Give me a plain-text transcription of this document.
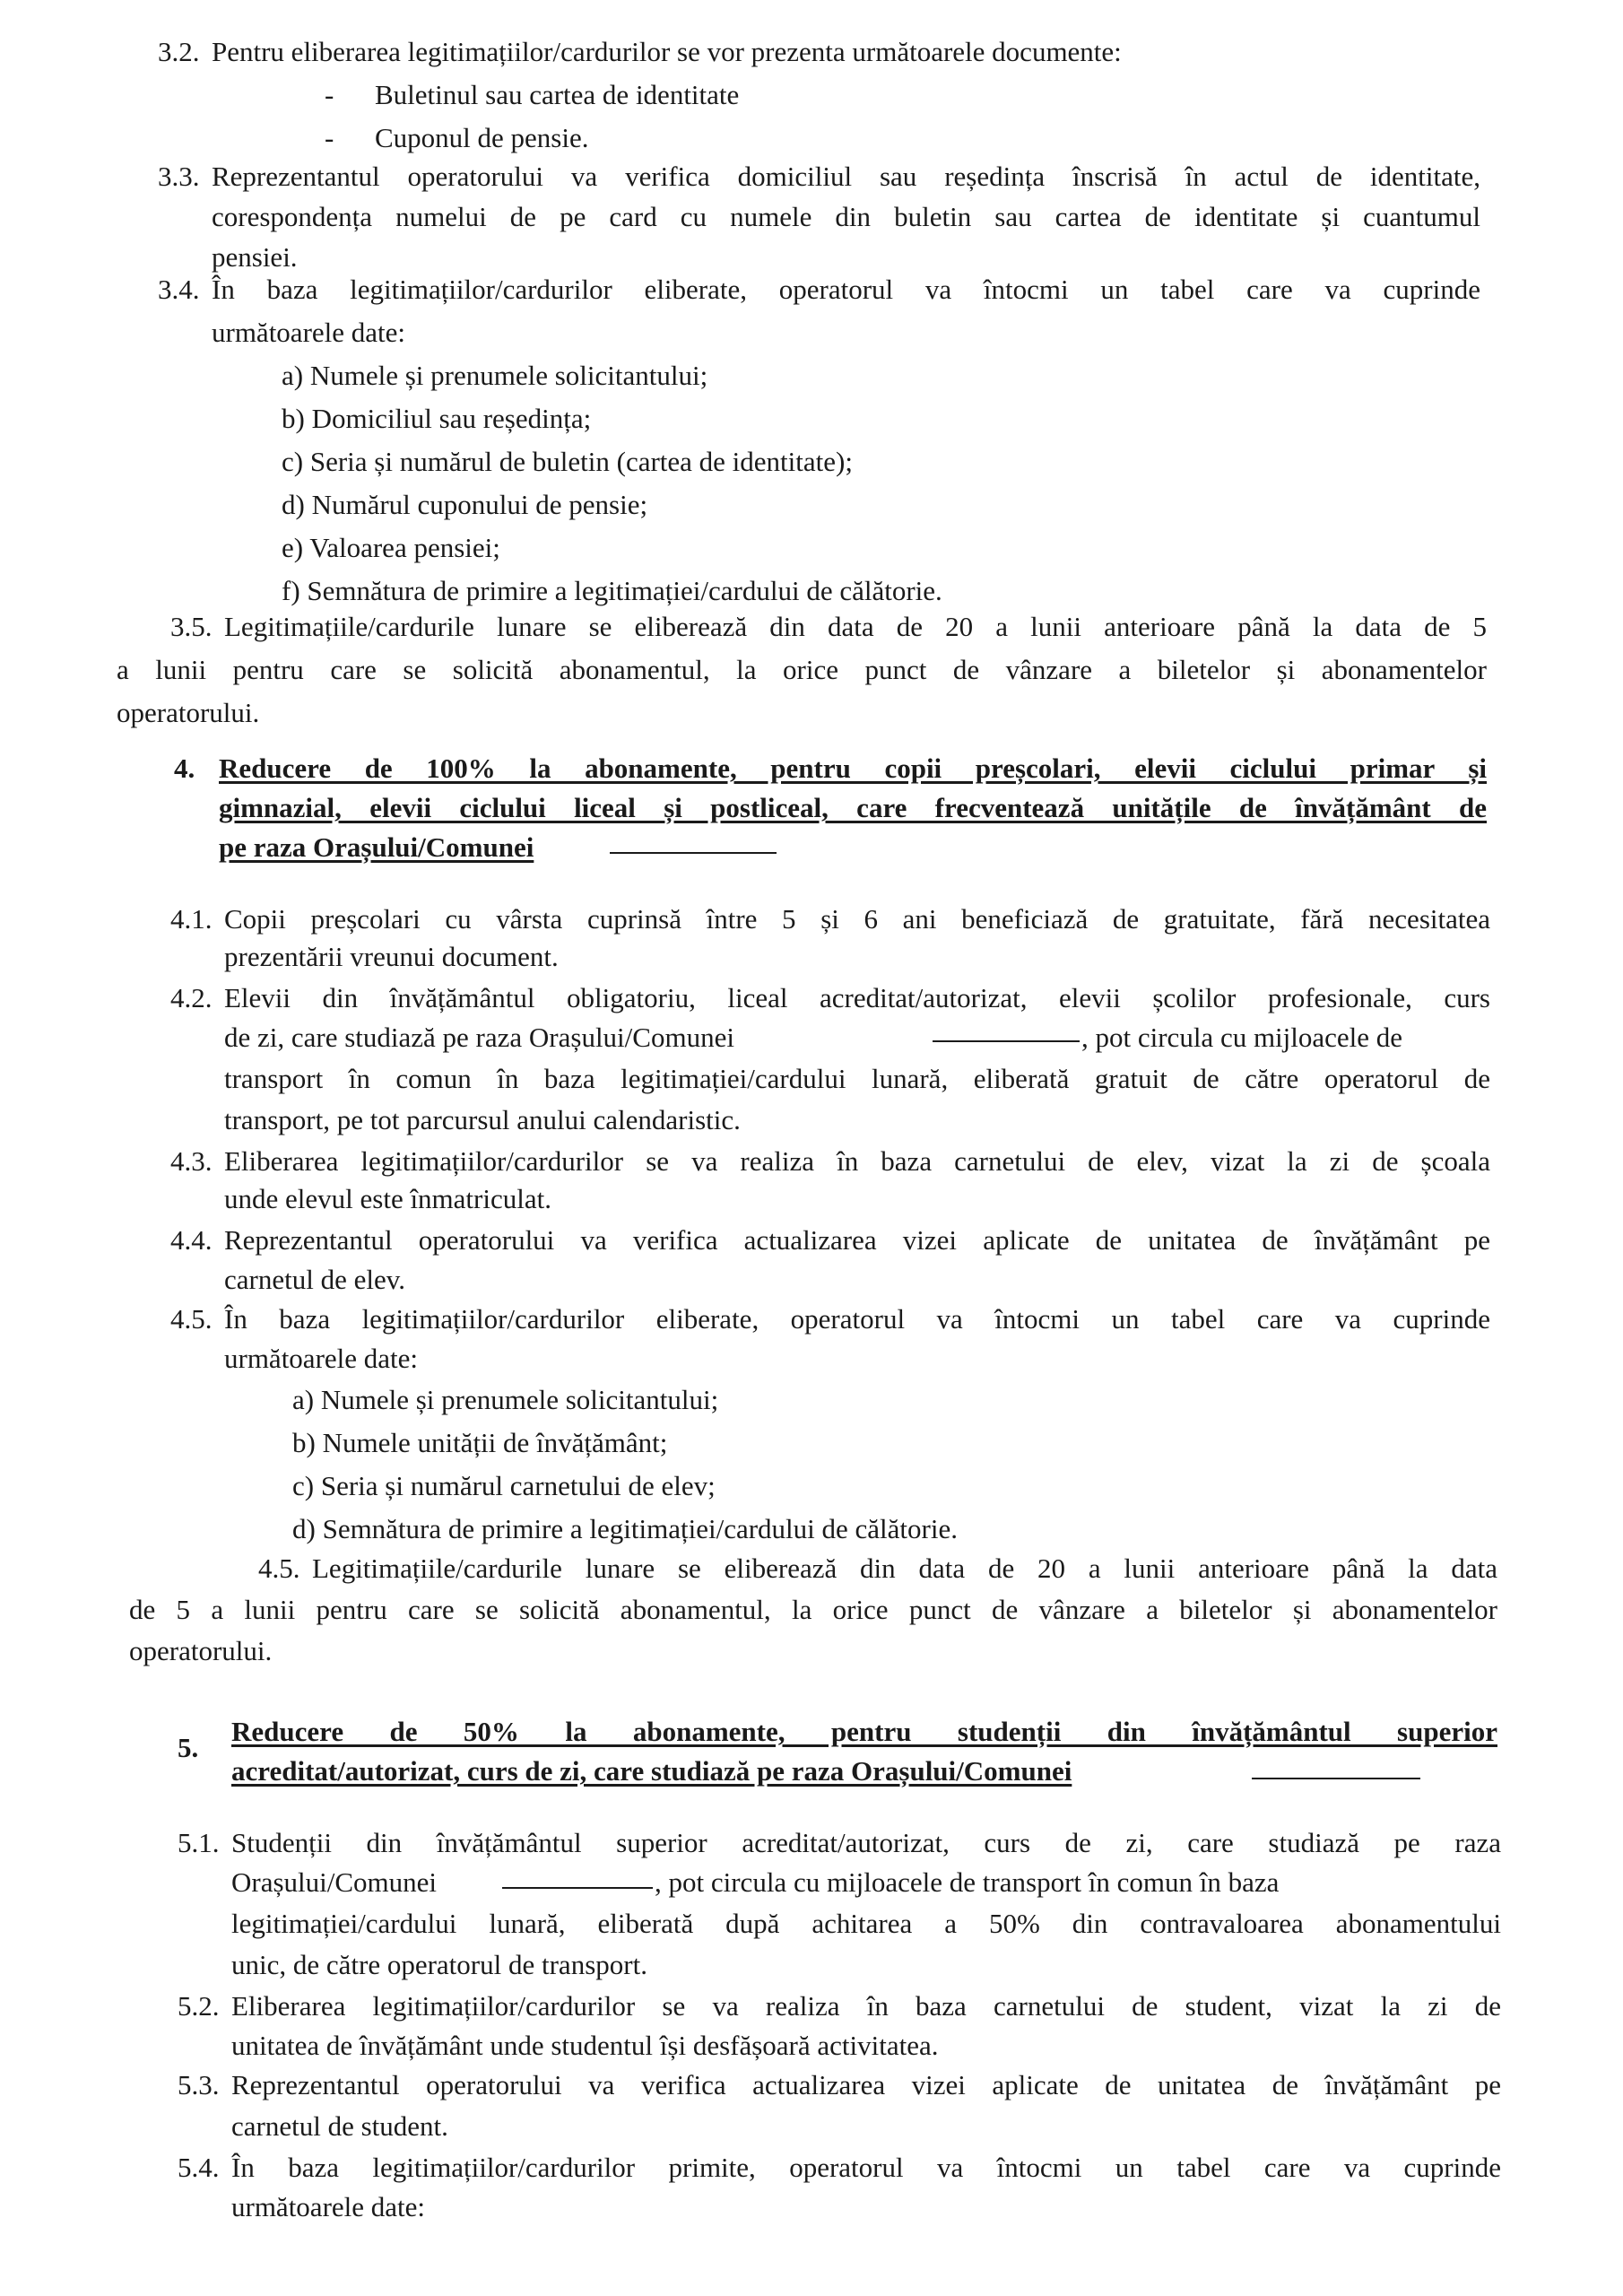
3.2. Pentru eliberarea legitimațiilor/cardurilor se vor prezenta următoarele documente:
- Buletinul sau cartea de identitate
- Cuponul de pensie.
3.3. Reprezentantul operatorului va verifica domiciliul sau reședința înscrisă în actul de identitate,
corespondența numelui de pe card cu numele din buletin sau cartea de identitate și cuantumul
pensiei.
3.4. În baza legitimațiilor/cardurilor eliberate, operatorul va întocmi un tabel care va cuprinde
următoarele date:
a) Numele și prenumele solicitantului;
b) Domiciliul sau reședința;
c) Seria și numărul de buletin (cartea de identitate);
d) Numărul cuponului de pensie;
e) Valoarea pensiei;
f) Semnătura de primire a legitimației/cardului de călătorie.
3.5. Legitimațiile/cardurile lunare se eliberează din data de 20 a lunii anterioare până la data de 5
a lunii pentru care se solicită abonamentul, la orice punct de vânzare a biletelor și abonamentelor
operatorului.
4. Reducere de 100% la abonamente, pentru copii preșcolari, elevii ciclului primar și
gimnazial, elevii ciclului liceal și postliceal, care frecventează unitățile de învățământ de
pe raza Orașului/Comunei
4.1. Copii preșcolari cu vârsta cuprinsă între 5 și 6 ani beneficiază de gratuitate, fără necesitatea
prezentării vreunui document.
4.2. Elevii din învățământul obligatoriu, liceal acreditat/autorizat, elevii școlilor profesionale, curs
de zi, care studiază pe raza Orașului/Comunei	, pot circula cu mijloacele de
transport în comun în baza legitimației/cardului lunară, eliberată gratuit de către operatorul de
transport, pe tot parcursul anului calendaristic.
4.3. Eliberarea legitimațiilor/cardurilor se va realiza în baza carnetului de elev, vizat la zi de școala
unde elevul este înmatriculat.
4.4. Reprezentantul operatorului va verifica actualizarea vizei aplicate de unitatea de învățământ pe
carnetul de elev.
4.5. În baza legitimațiilor/cardurilor eliberate, operatorul va întocmi un tabel care va cuprinde
următoarele date:
a) Numele și prenumele solicitantului;
b) Numele unității de învățământ;
c) Seria și numărul carnetului de elev;
d) Semnătura de primire a legitimației/cardului de călătorie.
4.5. Legitimațiile/cardurile lunare se eliberează din data de 20 a lunii anterioare până la data
de 5 a lunii pentru care se solicită abonamentul, la orice punct de vânzare a biletelor și abonamentelor
operatorului.
5.
Reducere de 50% la abonamente, pentru studenții din învățământul superior
acreditat/autorizat, curs de zi, care studiază pe raza Orașului/Comunei
5.1. Studenții din învățământul superior acreditat/autorizat, curs de zi, care studiază pe raza
Orașului/Comunei	, pot circula cu mijloacele de transport în comun în baza
legitimației/cardului lunară, eliberată după achitarea a 50% din contravaloarea abonamentului
unic, de către operatorul de transport.
5.2. Eliberarea legitimațiilor/cardurilor se va realiza în baza carnetului de student, vizat la zi de
unitatea de învățământ unde studentul își desfășoară activitatea.
5.3. Reprezentantul operatorului va verifica actualizarea vizei aplicate de unitatea de învățământ pe
carnetul de student.
5.4. În baza legitimațiilor/cardurilor primite, operatorul va întocmi un tabel care va cuprinde
următoarele date:
